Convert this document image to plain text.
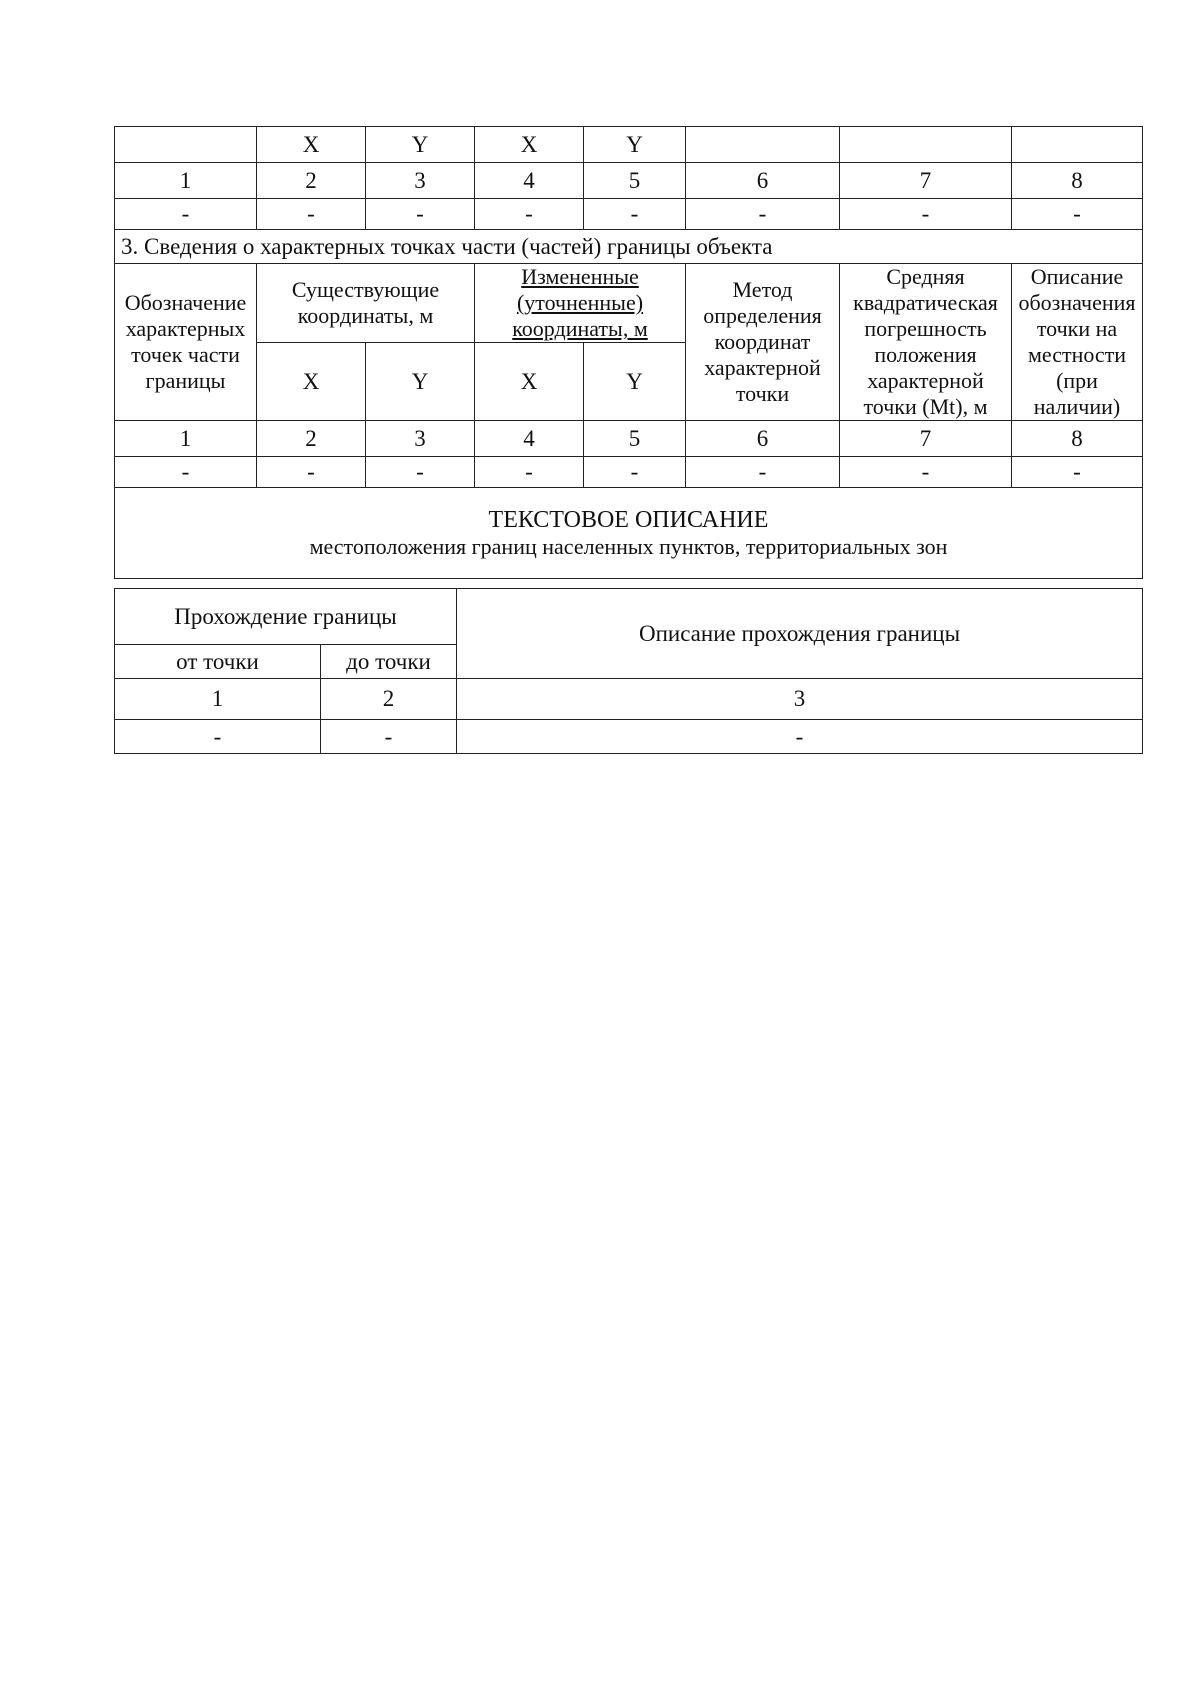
	X	Y	X	Y			
1	2	3	4	5	6	7	8
-	-	-	-	-	-	-	-
3. Сведения о характерных точках части (частей) границы объекта							
Обозначение характерных точек части границы	Существующие координаты, м		Измененные (уточненные) координаты, м		Метод определения координат характерной точки	Средняя квадратическая погрешность положения характерной точки (Mt), м	Описание обозначения точки на местности (при наличии)
	X	Y	X	Y			
1	2	3	4	5	6	7	8
-	-	-	-	-	-	-	-

ТЕКСТОВОЕ ОПИСАНИЕ
местоположения границ населенных пунктов, территориальных зон							
Прохождение границы		Описание прохождения границы
от точки	до точки	
1	2	3
-	-	-
